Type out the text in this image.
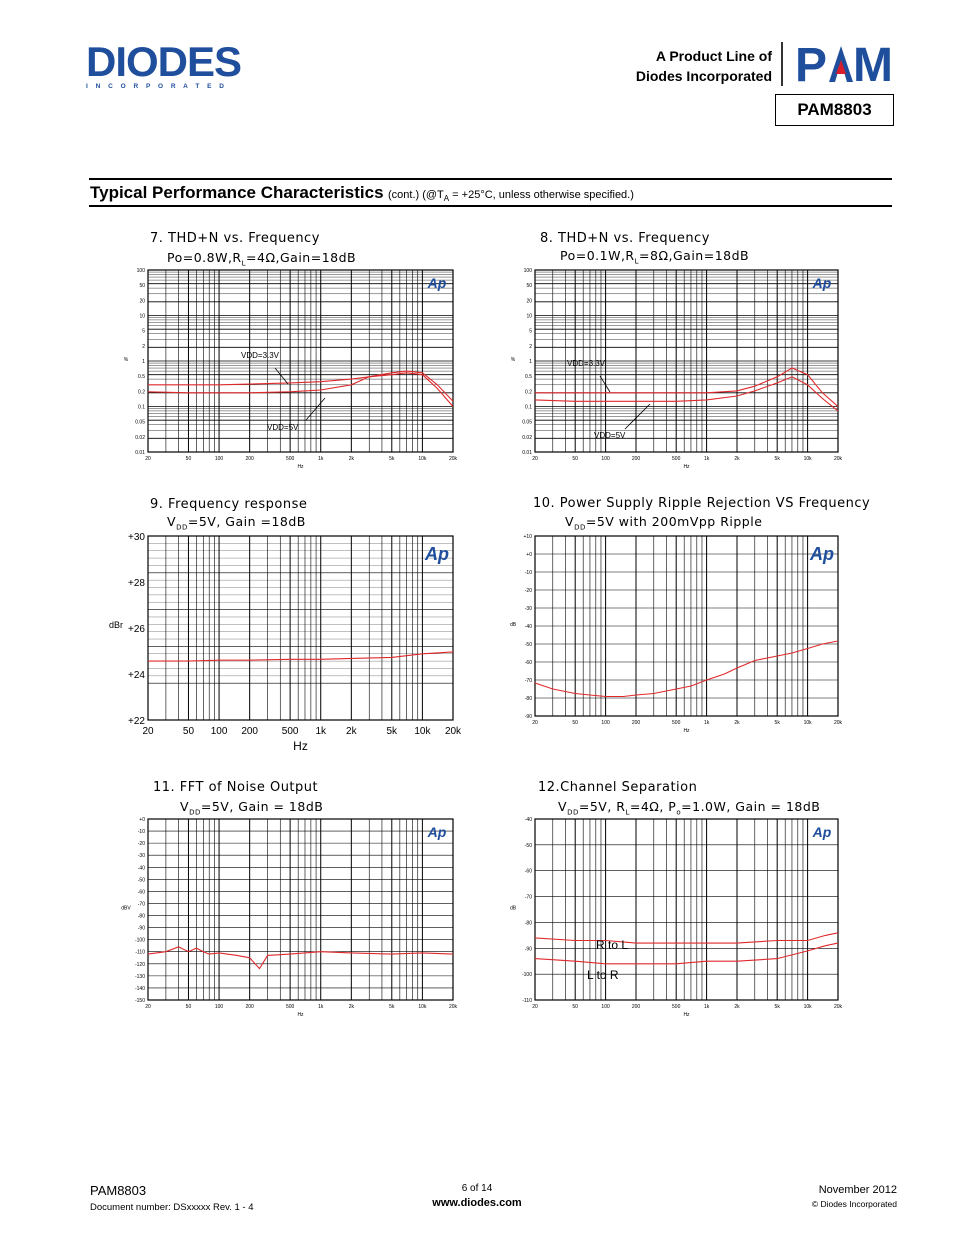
DIODES
I N C O R P O R A T E D
A Product Line of
Diodes Incorporated P M
PAM8803
Typical Performance Characteristics (cont.) ($@T_A = +25^\circ C$, unless otherwise specified.)
7. THD+N vs. Frequency
$Po=0.8W,R_L=4\Omega,Gain=18dB$
20	50	100	200	500	1k	2k	5k	10k	20k
100
50
20
10
5
2
1
0.5
0.2
0.1
0.05
0.02
0.01
Hz
%
Ap
VDD=3.3V
VDD=5V
8. THD+N vs. Frequency
$Po=0.1W,R_L=8\Omega,Gain=18dB$
20	50	100	200	500	1k	2k	5k	10k	20k
100
50
20
10
5
2
1
0.5
0.2
0.1
0.05
0.02
0.01
Hz
%
Ap
VDD=3.3V
VDD=5V
9. Frequency response
$V_{DD}=5V$, Gain =18dB
20	50 100 200 500 1k 2k	5k 10k 20k
+30
+28
+26
+24
+22
Hz
dBr
Ap
10. Power Supply Ripple Rejection VS Frequency
$V_{DD}=5V$ with 200mVpp Ripple
20	50	100	200	500	1k	2k	5k	10k	20k
+10
+0
-10
-20
-30
-40
-50
-60
-70
-80
-90
Hz
dB
Ap
11. FFT of Noise Output
$V_{DD}=5V$, Gain = 18dB
20	50	100	200	500	1k	2k	5k	10k	20k
+0
-10
-20
-30
-40
-50
-60
-70
-80
-90
-100
-110
-120
-130
-140
-150
Hz
dBV
Ap
12.Channel Separation
$V_{DD}=5V$, $R_L=4\Omega$, $P_o=1.0W$, Gain = 18dB
20	50	100	200	500	1k	2k	5k	10k	20k
-40
-50
-60
-70
-80
-90
-100
-110
Hz
dB
Ap
R to L
L to R
PAM8803
Document number: DSxxxxx Rev. 1 - 4
6 of 14
www.diodes.com
November 2012
© Diodes Incorporated
